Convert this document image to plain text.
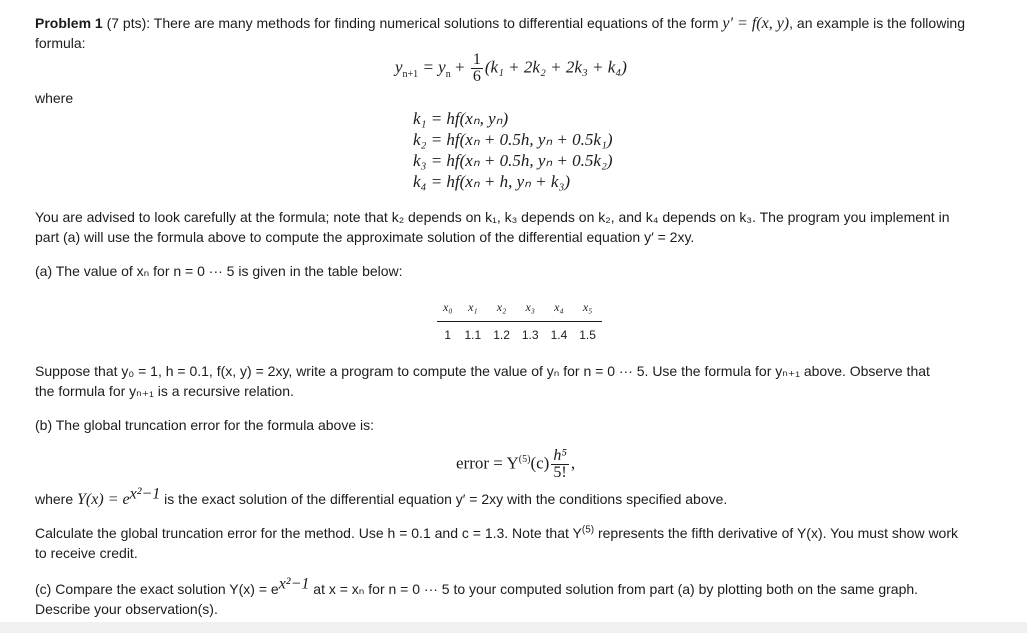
Problem 1 (7 pts): There are many methods for finding numerical solutions to differential equations of the form y′ = f(x, y), an example is the following
formula:
$y_{n+1} = y_n + \frac{1}{6} (k_1 + 2k_2 + 2k_3 + k_4)$
where
k₁ = hf(xₙ, yₙ)
k₂ = hf(xₙ + 0.5h, yₙ + 0.5k₁)
k₃ = hf(xₙ + 0.5h, yₙ + 0.5k₂)
k₄ = hf(xₙ + h, yₙ + k₃)
You are advised to look carefully at the formula; note that k₂ depends on k₁, k₃ depends on k₂, and k₄ depends on k₃. The program you implement in
part (a) will use the formula above to compute the approximate solution of the differential equation y′ = 2xy.
(a) The value of xₙ for n = 0 ··· 5 is given in the table below:
x₀	x₁	x₂	x₃	x₄	x₅
1	1.1	1.2	1.3	1.4	1.5
Suppose that y₀ = 1, h = 0.1, f(x, y) = 2xy, write a program to compute the value of yₙ for n = 0 ··· 5. Use the formula for yₙ₊₁ above. Observe that
the formula for yₙ₊₁ is a recursive relation.
(b) The global truncation error for the formula above is:
error = $Y^{(5)}(c) \frac{\text{h⁵}}{5!}$ ,
where $Y(x) = e^{x^2-1}$ is the exact solution of the differential equation y′ = 2xy with the conditions specified above.
Calculate the global truncation error for the method. Use h = 0.1 and c = 1.3. Note that $Y^{(5)}$ represents the fifth derivative of Y(x). You must show work
to receive credit.
(c) Compare the exact solution $Y(x) = e^{x^2-1}$ at x = xₙ for n = 0 ··· 5 to your computed solution from part (a) by plotting both on the same graph.
Describe your observation(s).
